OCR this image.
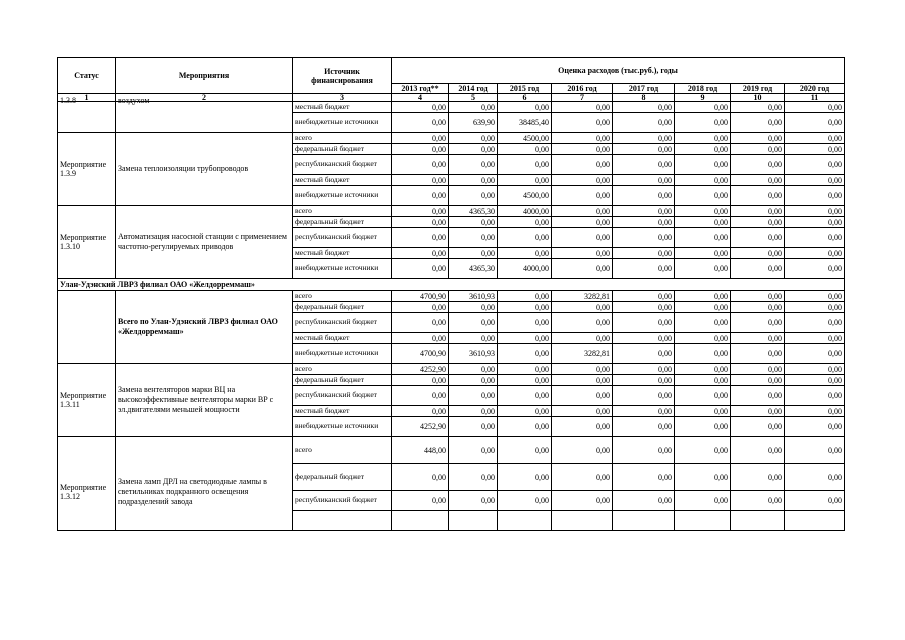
Статус	Мероприятия	Источник финансирования	Оценка расходов (тыс.руб.), годы							
			2013 год**	2014 год	2015 год	2016 год	2017 год	2018 год	2019 год	2020 год
1	2	3	4	5	6	7	8	9	10	11

1.3.8	воздухом	местный бюджет	0,00	0,00	0,00	0,00	0,00	0,00	0,00	0,00
		внебюджетные источники	0,00	639,90	38485,40	0,00	0,00	0,00	0,00	0,00
Мероприятие 1.3.9	Замена теплоизоляции трубопроводов	всего	0,00	0,00	4500,00	0,00	0,00	0,00	0,00	0,00
		федеральный бюджет	0,00	0,00	0,00	0,00	0,00	0,00	0,00	0,00
		республиканский бюджет	0,00	0,00	0,00	0,00	0,00	0,00	0,00	0,00
		местный бюджет	0,00	0,00	0,00	0,00	0,00	0,00	0,00	0,00
		внебюджетные источники	0,00	0,00	4500,00	0,00	0,00	0,00	0,00	0,00
Мероприятие 1.3.10	Автоматизация насосной станции с применением частотно-регулируемых приводов	всего	0,00	4365,30	4000,00	0,00	0,00	0,00	0,00	0,00
		федеральный бюджет	0,00	0,00	0,00	0,00	0,00	0,00	0,00	0,00
		республиканский бюджет	0,00	0,00	0,00	0,00	0,00	0,00	0,00	0,00
		местный бюджет	0,00	0,00	0,00	0,00	0,00	0,00	0,00	0,00
		внебюджетные источники	0,00	4365,30	4000,00	0,00	0,00	0,00	0,00	0,00
Улан-Удэнский ЛВРЗ филиал ОАО «Желдорреммаш»										
	Всего по Улан-Удэнский ЛВРЗ филиал ОАО «Желдорреммаш»	всего	4700,90	3610,93	0,00	3282,81	0,00	0,00	0,00	0,00
		федеральный бюджет	0,00	0,00	0,00	0,00	0,00	0,00	0,00	0,00
		республиканский бюджет	0,00	0,00	0,00	0,00	0,00	0,00	0,00	0,00
		местный бюджет	0,00	0,00	0,00	0,00	0,00	0,00	0,00	0,00
		внебюджетные источники	4700,90	3610,93	0,00	3282,81	0,00	0,00	0,00	0,00
Мероприятие 1.3.11	Замена вентеляторов марки ВЦ на высокоэффективные вентеляторы марки ВР с эл.двигателями меньшей мощности	всего	4252,90	0,00	0,00	0,00	0,00	0,00	0,00	0,00
		федеральный бюджет	0,00	0,00	0,00	0,00	0,00	0,00	0,00	0,00
		республиканский бюджет	0,00	0,00	0,00	0,00	0,00	0,00	0,00	0,00
		местный бюджет	0,00	0,00	0,00	0,00	0,00	0,00	0,00	0,00
		внебюджетные источники	4252,90	0,00	0,00	0,00	0,00	0,00	0,00	0,00

Мероприятие 1.3.12	Замена ламп ДРЛ на светодиодные лампы в светильниках подкранного освещения подразделений завода	всего	448,00	0,00	0,00	0,00	0,00	0,00	0,00	0,00
		федеральный бюджет	0,00	0,00	0,00	0,00	0,00	0,00	0,00	0,00
		республиканский бюджет	0,00	0,00	0,00	0,00	0,00	0,00	0,00	0,00
